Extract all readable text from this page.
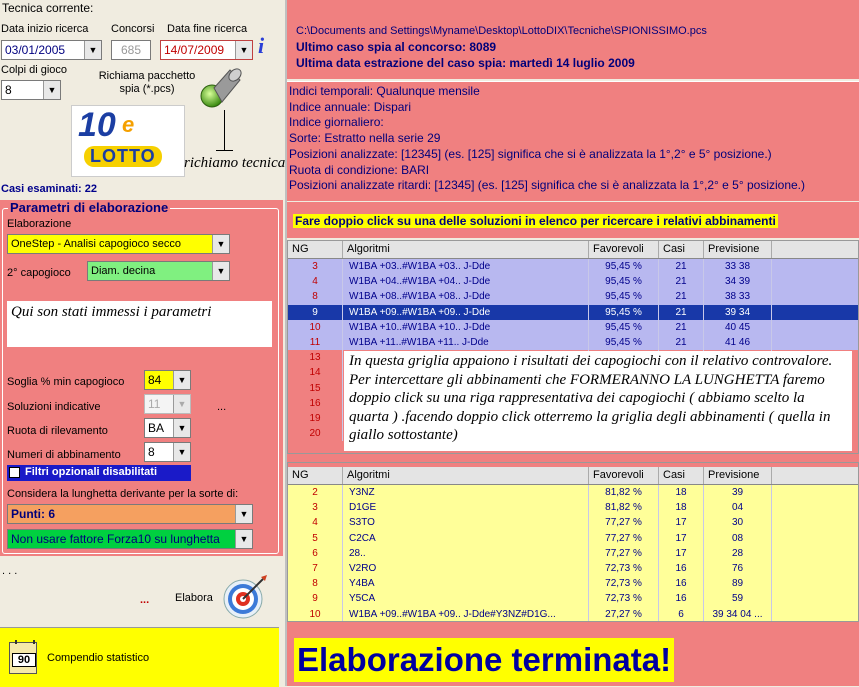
Tecnica corrente:
Data inizio ricerca
03/01/2005	▼
Concorsi
685
Data fine ricerca
14/07/2009	▼ i
Colpi di gioco
8	▼
Richiama pacchetto spia (*.pcs)
10 e
LOTTO	richiamo tecnica
Casi esaminati: 22
Parametri di elaborazione
Elaborazione
OneStep - Analisi capogioco secco	▼
2° capogioco	Diam. decina	▼
Qui son stati immessi i parametri
Soglia % min capogioco	84	▼
Soluzioni indicative	11	▼	...
Ruota di rilevamento	BA	▼
Numeri di abbinamento	8	▼
Filtri opzionali disabilitati
Considera la lunghetta derivante per la sorte di:
Punti: 6	▼
Non usare fattore Forza10 su lunghetta	▼
. . .
... Elabora
90	Compendio statistico
C:\Documents and Settings\Myname\Desktop\LottoDIX\Tecniche\SPIONISSIMO.pcs
Ultimo caso spia al concorso: 8089
Ultima data estrazione del caso spia: martedì 14 luglio 2009
Indici temporali: Qualunque mensile
Indice annuale: Dispari
Indice giornaliero:
Sorte: Estratto nella serie 29
Posizioni analizzate: [12345] (es. [125] significa che si è analizzata la 1°,2° e 5° posizione.)
Ruota di condizione: BARI
Posizioni analizzate ritardi: [12345] (es. [125] significa che si è analizzata la 1°,2° e 5° posizione.)
Fare doppio click su una delle soluzioni in elenco per ricercare i relativi abbinamenti
NG	Algoritmi	Favorevoli	Casi	Previsione
3	W1BA +03..#W1BA +03.. J-Dde	95,45 %	21	33 38
4	W1BA +04..#W1BA +04.. J-Dde	95,45 %	21	34 39
8	W1BA +08..#W1BA +08.. J-Dde	95,45 %	21	38 33
9	W1BA +09..#W1BA +09.. J-Dde	95,45 %	21	39 34
10	W1BA +10..#W1BA +10.. J-Dde	95,45 %	21	40 45
11	W1BA +11..#W1BA +11.. J-Dde	95,45 %	21	41 46
13
14
15
16
19
20
In questa griglia appaiono i risultati dei capogiochi con il relativo controvalore. Per intercettare gli abbinamenti che FORMERANNO LA LUNGHETTA faremo doppio click su una riga rappresentativa dei capogiochi ( abbiamo scelto la quarta ) .facendo doppio click otterremo la griglia degli abbinamenti ( quella in giallo sottostante)
NG	Algoritmi	Favorevoli	Casi	Previsione
2	Y3NZ	81,82 %	18	39
3	D1GE	81,82 %	18	04
4	S3TO	77,27 %	17	30
5	C2CA	77,27 %	17	08
6	28..	77,27 %	17	28
7	V2RO	72,73 %	16	76
8	Y4BA	72,73 %	16	89
9	Y5CA	72,73 %	16	59
10	W1BA +09..#W1BA +09.. J-Dde#Y3NZ#D1G...	27,27 %	6	39 34 04 ...
Elaborazione terminata!
